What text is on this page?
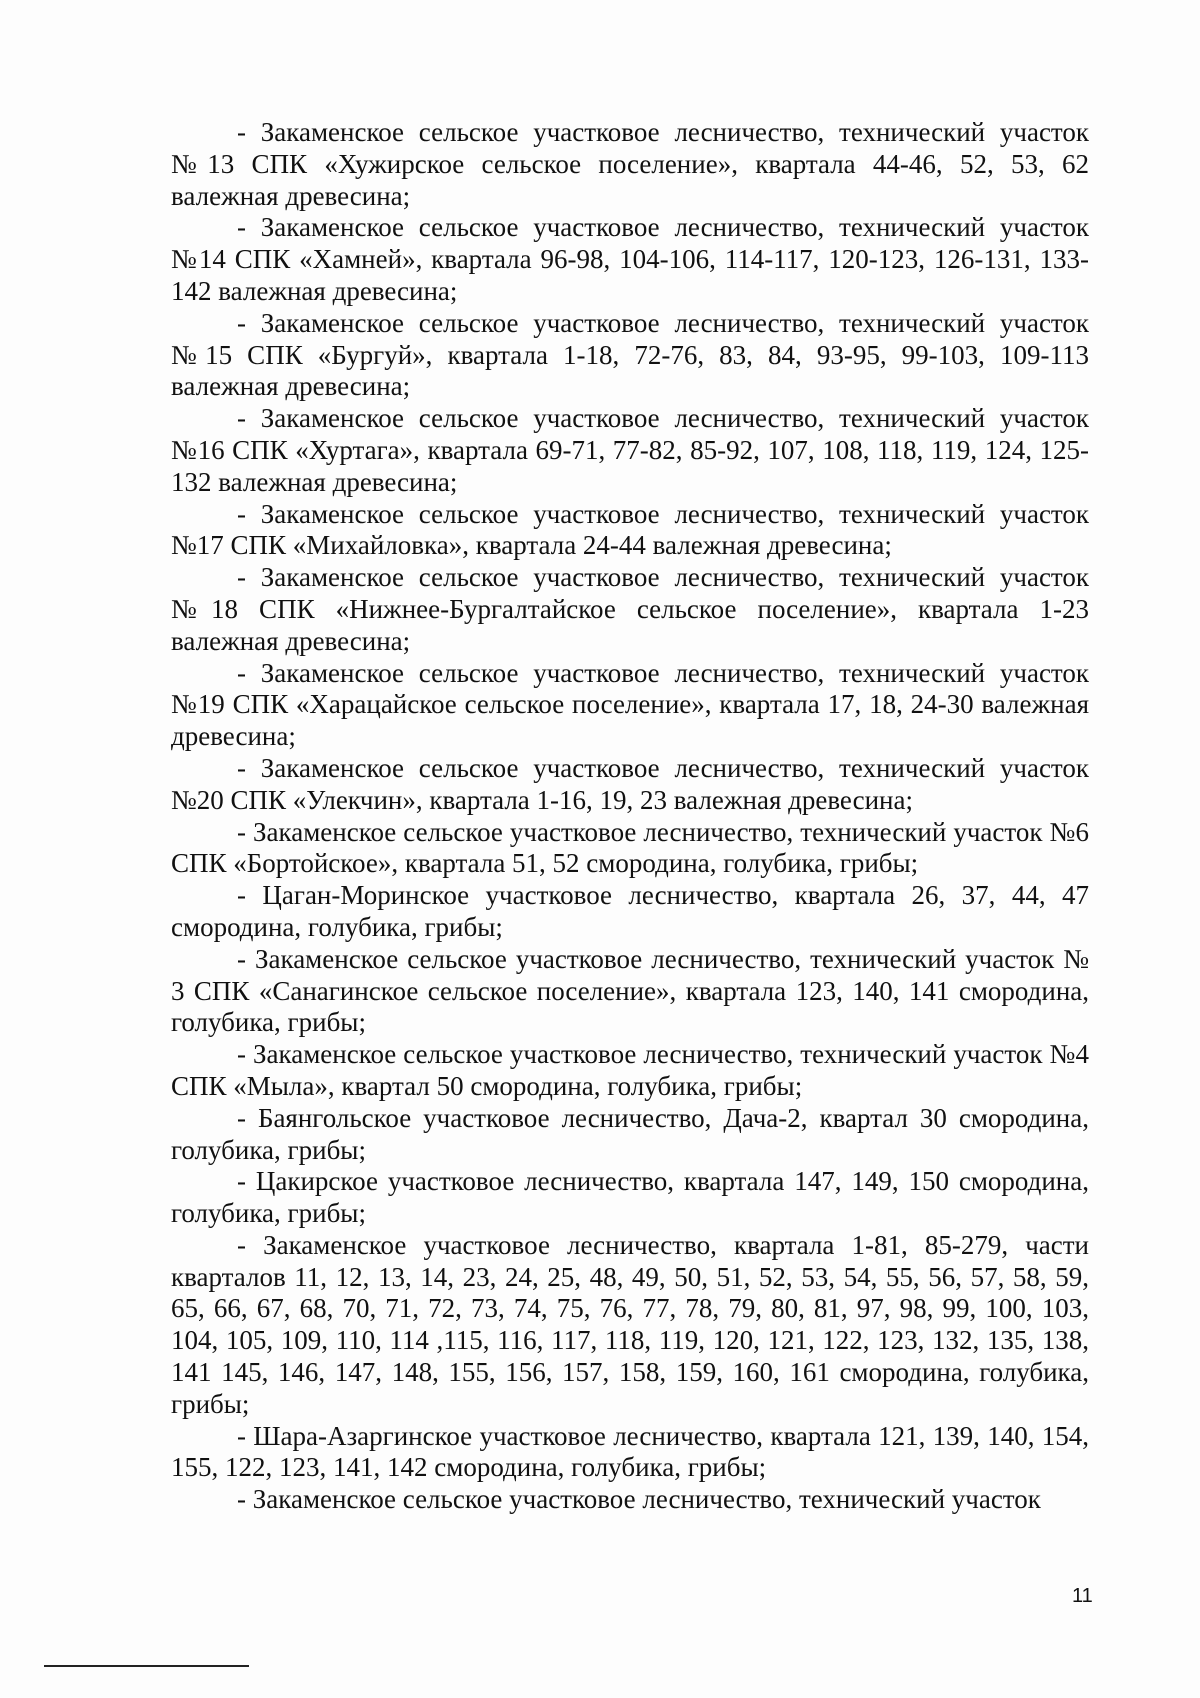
- Закаменское сельское участковое лесничество, технический участок №13 СПК «Хужирское сельское поселение», квартала 44-46, 52, 53, 62 валежная древесина;

- Закаменское сельское участковое лесничество, технический участок №14 СПК «Хамней», квартала 96-98, 104-106, 114-117, 120-123, 126-131, 133-142 валежная древесина;

- Закаменское сельское участковое лесничество, технический участок №15 СПК «Бургуй», квартала 1-18, 72-76, 83, 84, 93-95, 99-103, 109-113 валежная древесина;

- Закаменское сельское участковое лесничество, технический участок №16 СПК «Хуртага», квартала 69-71, 77-82, 85-92, 107, 108, 118, 119, 124, 125-132 валежная древесина;

- Закаменское сельское участковое лесничество, технический участок №17 СПК «Михайловка», квартала 24-44 валежная древесина;

- Закаменское сельское участковое лесничество, технический участок №18 СПК «Нижнее-Бургалтайское сельское поселение», квартала 1-23 валежная древесина;

- Закаменское сельское участковое лесничество, технический участок №19 СПК «Харацайское сельское поселение», квартала 17, 18, 24-30 валежная древесина;

- Закаменское сельское участковое лесничество, технический участок №20 СПК «Улекчин», квартала 1-16, 19, 23 валежная древесина;

- Закаменское сельское участковое лесничество, технический участок №6 СПК «Бортойское», квартала 51, 52 смородина, голубика, грибы;

- Цаган-Моринское участковое лесничество, квартала 26, 37, 44, 47 смородина, голубика, грибы;

- Закаменское сельское участковое лесничество, технический участок № 3 СПК «Санагинское сельское поселение», квартала 123, 140, 141 смородина, голубика, грибы;

- Закаменское сельское участковое лесничество, технический участок №4 СПК «Мыла», квартал 50 смородина, голубика, грибы;

- Баянгольское участковое лесничество, Дача-2, квартал 30 смородина, голубика, грибы;

- Цакирское участковое лесничество, квартала 147, 149, 150 смородина, голубика, грибы;

- Закаменское участковое лесничество, квартала 1-81, 85-279, части кварталов 11, 12, 13, 14, 23, 24, 25, 48, 49, 50, 51, 52, 53, 54, 55, 56, 57, 58, 59, 65, 66, 67, 68, 70, 71, 72, 73, 74, 75, 76, 77, 78, 79, 80, 81, 97, 98, 99, 100, 103, 104, 105, 109, 110, 114 ,115, 116, 117, 118, 119, 120, 121, 122, 123, 132, 135, 138, 141 145, 146, 147, 148, 155, 156, 157, 158, 159, 160, 161 смородина, голубика, грибы;

- Шара-Азаргинское участковое лесничество, квартала 121, 139, 140, 154, 155, 122, 123, 141, 142 смородина, голубика, грибы;

- Закаменское сельское участковое лесничество, технический участок

11
